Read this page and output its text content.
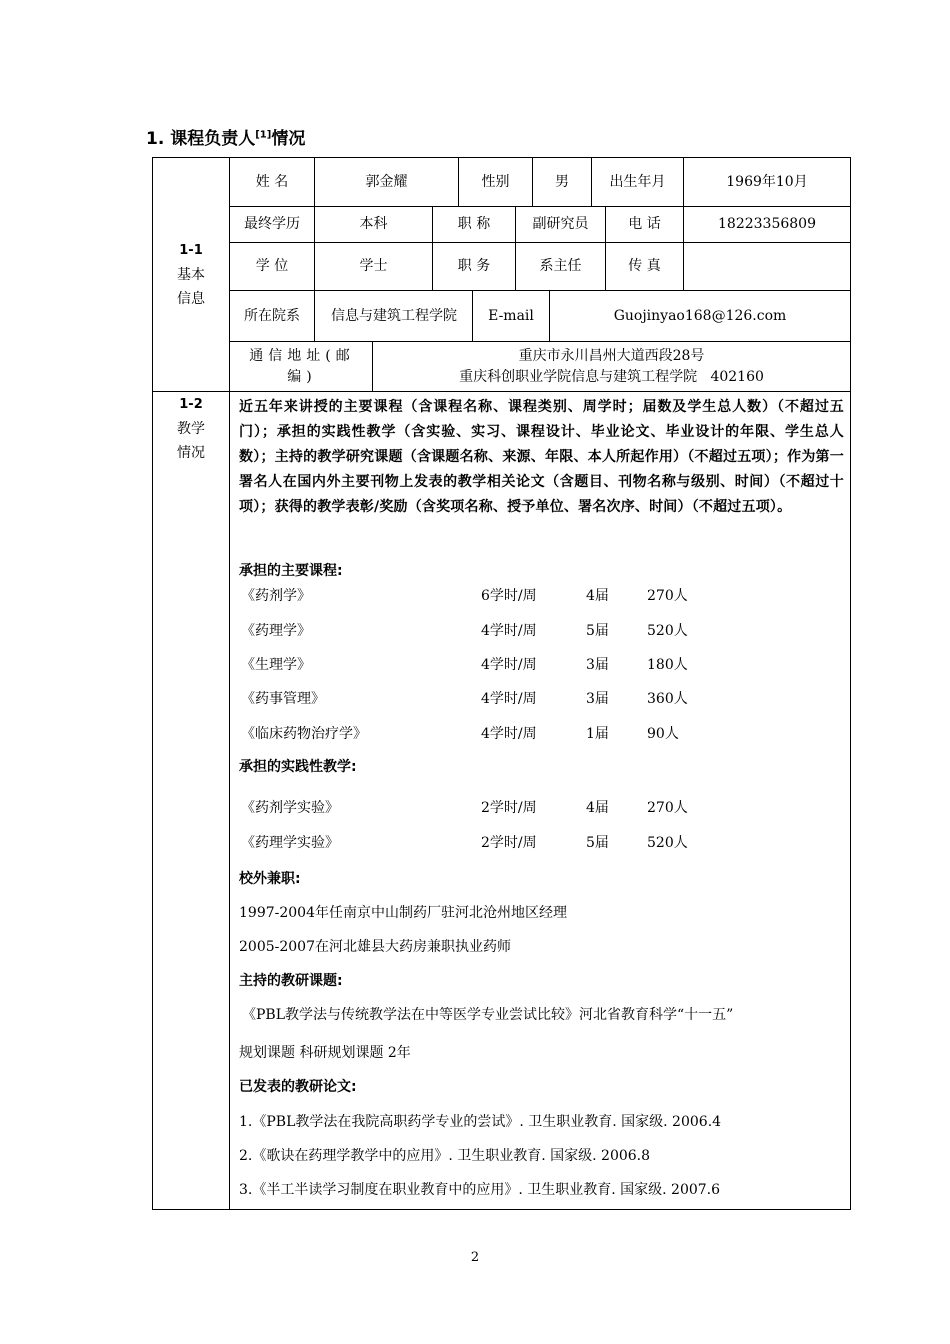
1. 课程负责人[1]情况
1-1
基本
信息
姓 名	郭金耀	性别	男	出生年月	1969年10月
最终学历	本科	职 称	副研究员	电 话	18223356809
学 位	学士	职 务	系主任	传 真
所在院系	信息与建筑工程学院	E-mail	Guojinyao168@126.com
通信地址(邮编)
重庆市永川昌州大道西段28号
重庆科创职业学院信息与建筑工程学院   402160
1-2
教学
情况
近五年来讲授的主要课程（含课程名称、课程类别、周学时；届数及学生总人数）（不超过五门）；承担的实践性教学（含实验、实习、课程设计、毕业论文、毕业设计的年限、学生总人数）；主持的教学研究课题（含课题名称、来源、年限、本人所起作用）（不超过五项）；作为第一署名人在国内外主要刊物上发表的教学相关论文（含题目、刊物名称与级别、时间）（不超过十项）；获得的教学表彰/奖励（含奖项名称、授予单位、署名次序、时间）（不超过五项）。
承担的主要课程:
《药剂学》	6学时/周	4届	270人
《药理学》	4学时/周	5届	520人
《生理学》	4学时/周	3届	180人
《药事管理》	4学时/周	3届	360人
《临床药物治疗学》	4学时/周	1届	90人
承担的实践性教学:
《药剂学实验》	2学时/周	4届	270人
《药理学实验》	2学时/周	5届	520人
校外兼职:
1997-2004年任南京中山制药厂驻河北沧州地区经理
2005-2007在河北雄县大药房兼职执业药师
主持的教研课题:
《PBL教学法与传统教学法在中等医学专业尝试比较》河北省教育科学“十一五”
规划课题 科研规划课题 2年
已发表的教研论文:
1.《PBL教学法在我院高职药学专业的尝试》. 卫生职业教育. 国家级. 2006.4
2.《歌诀在药理学教学中的应用》. 卫生职业教育. 国家级. 2006.8
3.《半工半读学习制度在职业教育中的应用》. 卫生职业教育. 国家级. 2007.6
2
